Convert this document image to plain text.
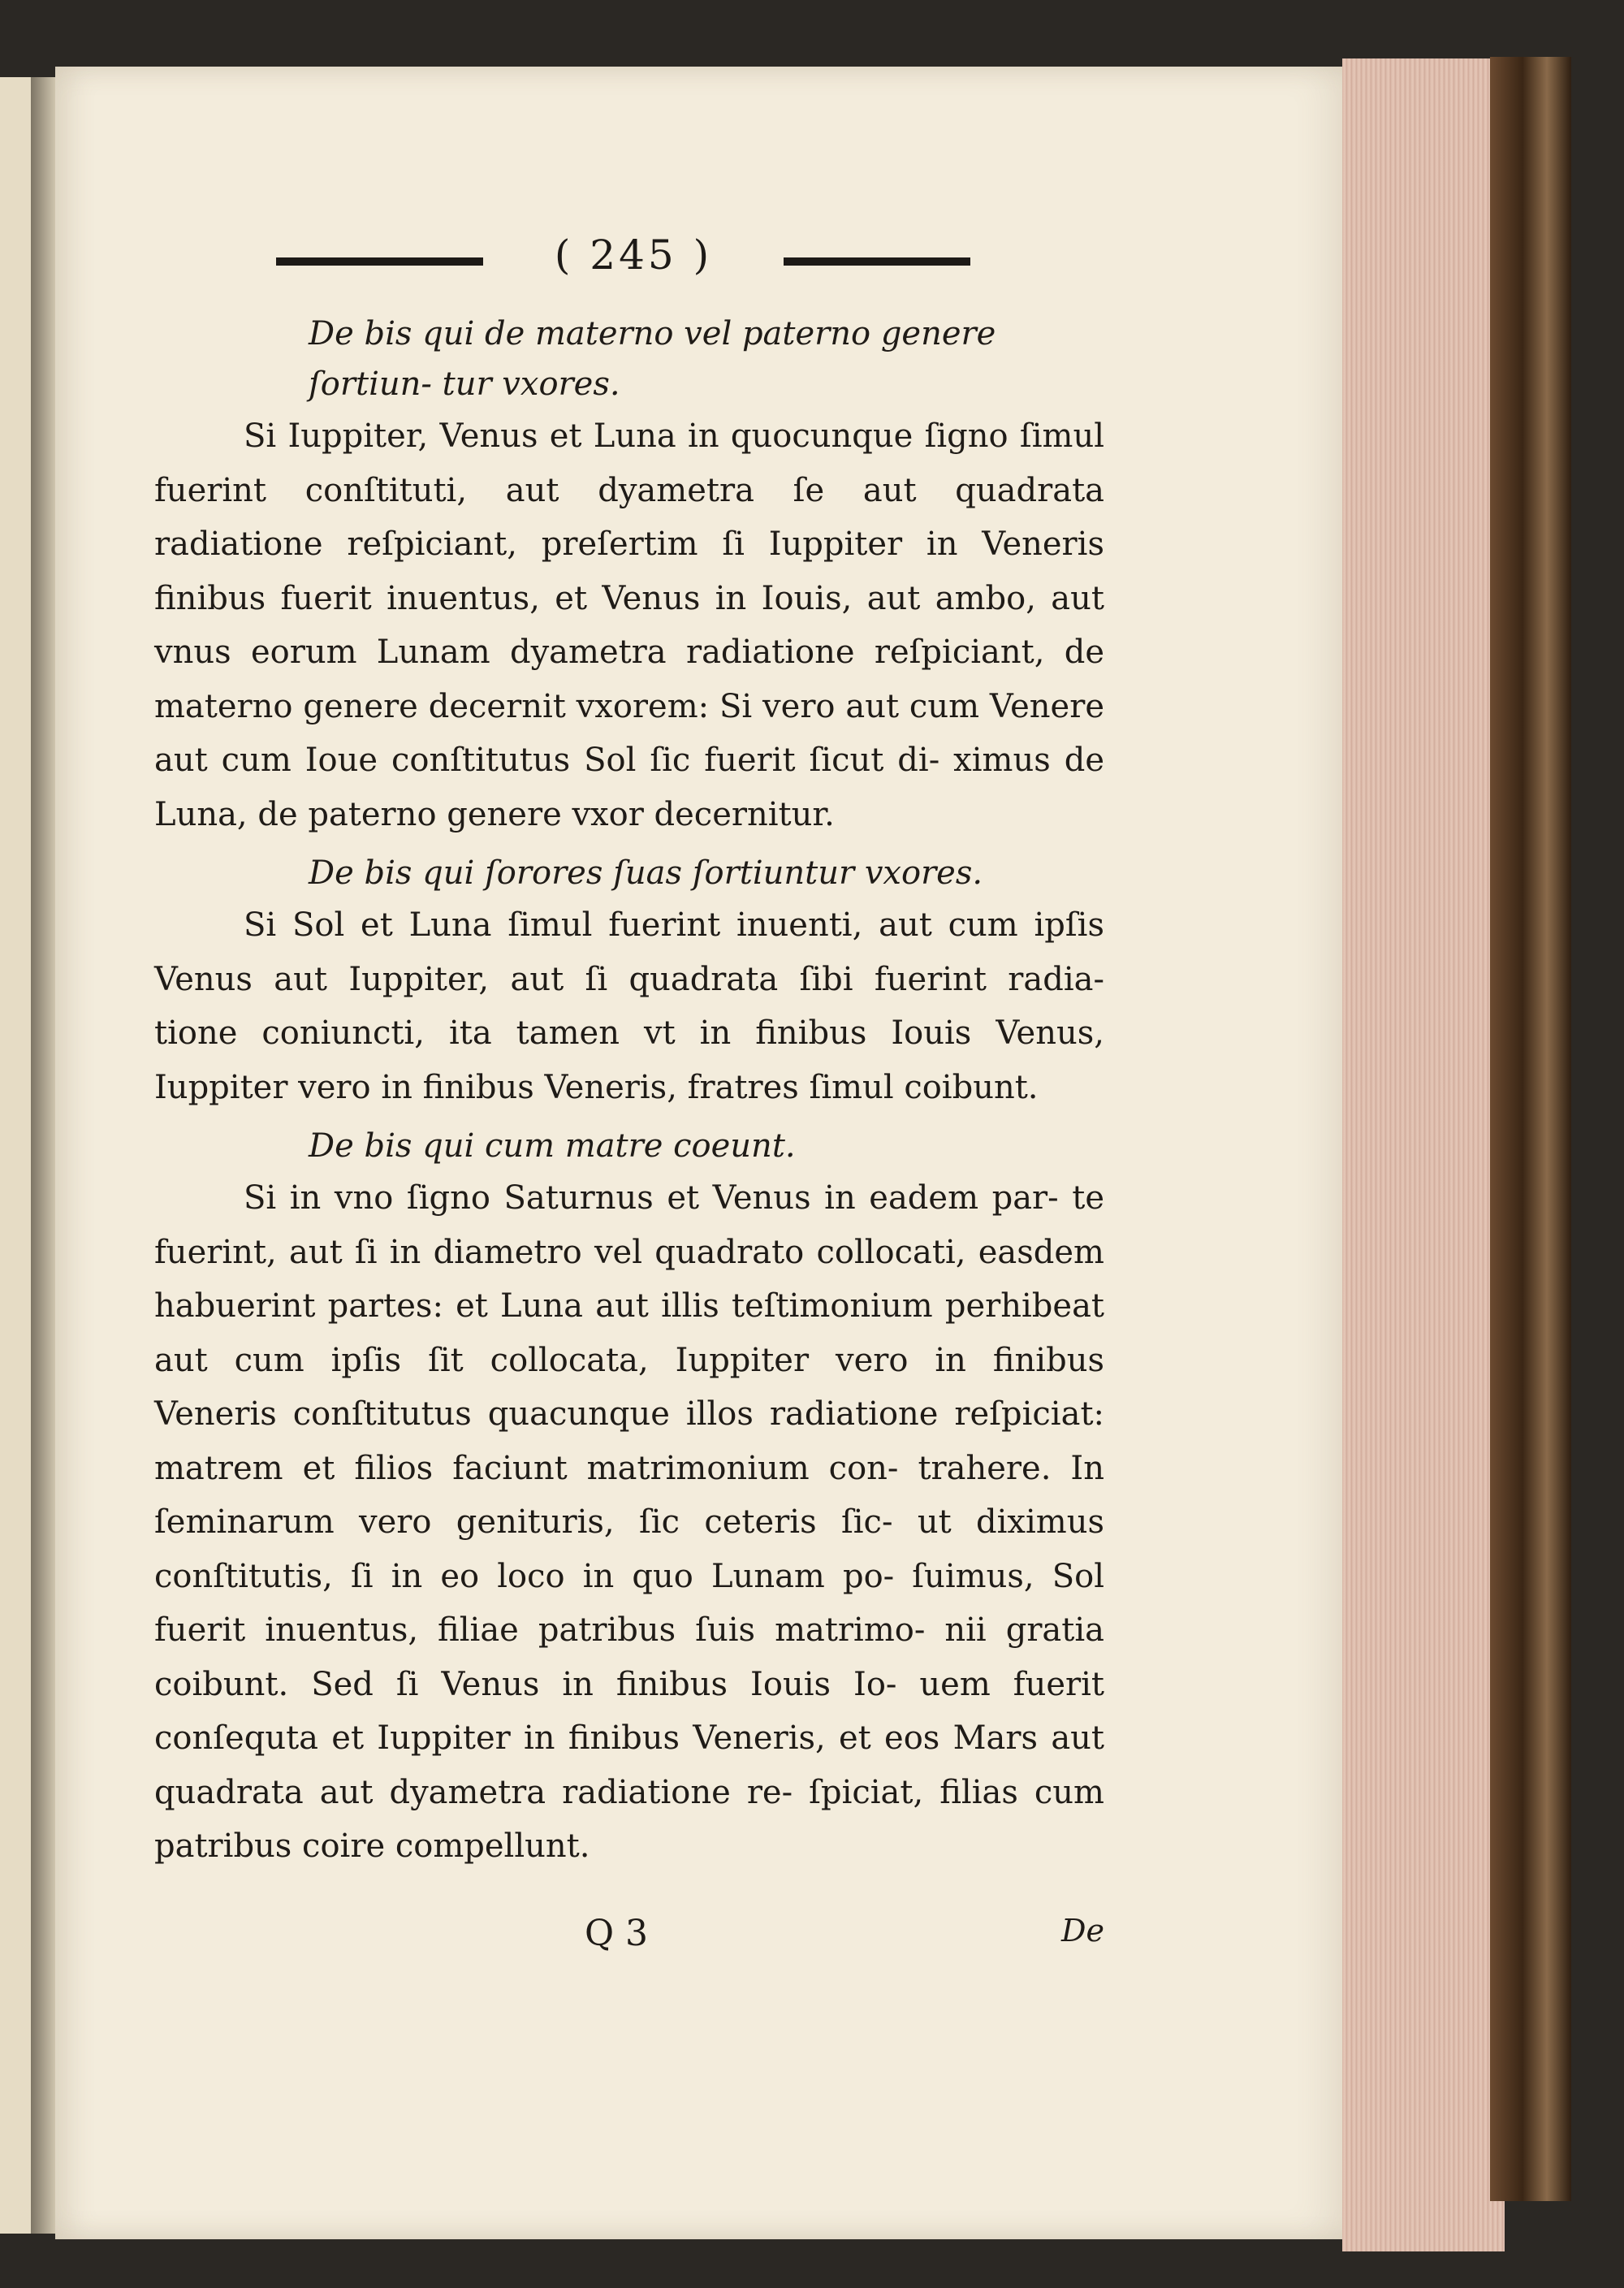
( 245 )

De bis qui de materno vel paterno genere ſortiun- tur vxores.

Si Iuppiter, Venus et Luna in quocunque ſigno ſimul fuerint conſtituti, aut dyametra ſe aut quadrata radiatione reſpiciant, preſertim ſi Iuppiter in Veneris finibus fuerit inuentus, et Venus in Iouis, aut ambo, aut vnus eorum Lunam dyametra radiatione reſpiciant, de materno genere decernit vxorem: Si vero aut cum Venere aut cum Ioue conſtitutus Sol ſic fuerit ſicut di- ximus de Luna, de paterno genere vxor decernitur.

De bis qui ſorores ſuas ſortiuntur vxores.

Si Sol et Luna ſimul fuerint inuenti, aut cum ipſis Venus aut Iuppiter, aut ſi quadrata ſibi fuerint radia- tione coniuncti, ita tamen vt in finibus Iouis Venus, Iuppiter vero in finibus Veneris, fratres ſimul coibunt.

De bis qui cum matre coeunt.

Si in vno ſigno Saturnus et Venus in eadem par- te fuerint, aut ſi in diametro vel quadrato collocati, easdem habuerint partes: et Luna aut illis teſtimonium perhibeat aut cum ipſis ſit collocata, Iuppiter vero in finibus Veneris conſtitutus quacunque illos radiatione reſpiciat: matrem et filios faciunt matrimonium con- trahere. In ſeminarum vero genituris, ſic ceteris ſic- ut diximus conſtitutis, ſi in eo loco in quo Lunam po- ſuimus, Sol fuerit inuentus, filiae patribus ſuis matrimo- nii gratia coibunt. Sed ſi Venus in finibus Iouis Io- uem fuerit conſequta et Iuppiter in finibus Veneris, et eos Mars aut quadrata aut dyametra radiatione re- ſpiciat, filias cum patribus coire compellunt.

Q 3	De
